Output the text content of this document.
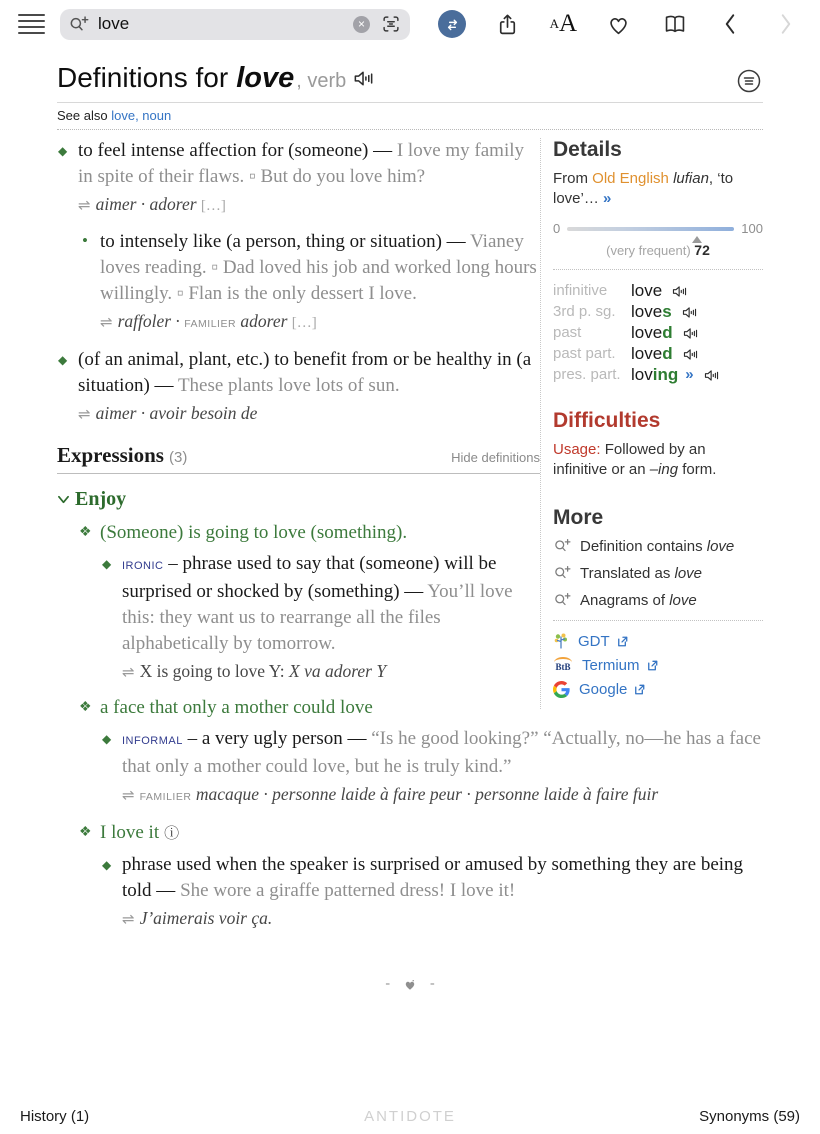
love
×	A A
Definitions for love , verb
See also love, noun
Details
From Old English lufian, ‘to love’… »
0	100
(very frequent) 72
infinitive	love
3rd p. sg. loves
past	loved
past part. loved
pres. part. loving »
Difficulties
Usage: Followed by an infinitive or an –ing form.
More
Definition contains love
Translated as love
Anagrams of love
GDT
BtB Termium
Google
◆ to feel intense affection for (someone) — I love my family in spite of their flaws. ▫ But do you love him?
⇌ aimer · adorer […]
• to intensely like (a person, thing or situation) — Vianey loves reading. ▫ Dad loved his job and worked long hours willingly. ▫ Flan is the only dessert I love.
⇌ raffoler · FAMILIER adorer […]
◆ (of an animal, plant, etc.) to benefit from or be healthy in (a situation) — These plants love lots of sun.
⇌ aimer · avoir besoin de
Expressions (3)	Hide definitions
Enjoy
❖ (Someone) is going to love (something).
◆ IRONIC – phrase used to say that (someone) will be surprised or shocked by (something) — You’ll love this: they want us to rearrange all the files alphabetically by tomorrow.
⇌ X is going to love Y: X va adorer Y
❖ a face that only a mother could love
◆ INFORMAL – a very ugly person — “Is he good looking?” “Actually, no—he has a face that only a mother could love, but he is truly kind.”
⇌ FAMILIER macaque · personne laide à faire peur · personne laide à faire fuir
❖ I love it ⓘ
◆ phrase used when the speaker is surprised or amused by something they are being told — She wore a giraffe patterned dress! I love it!
⇌ J’aimerais voir ça.
-	-
History (1)	ANTIDOTE	Synonyms (59)
